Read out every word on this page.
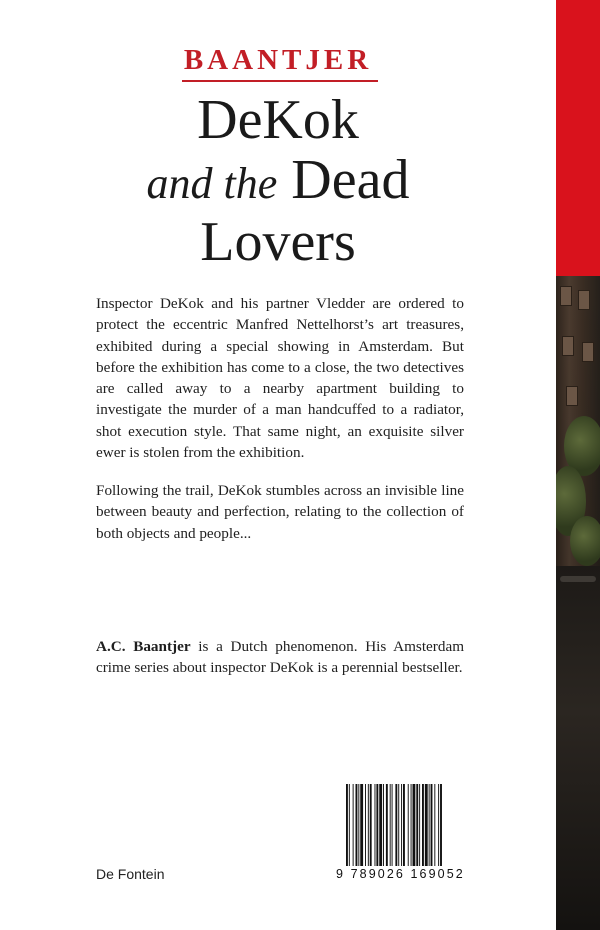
BAANTJER
DeKok
and the Dead
Lovers
Inspector DeKok and his partner Vledder are ordered to protect the eccentric Manfred Nettelhorst’s art treasures, exhibited during a special showing in Amsterdam. But before the exhibition has come to a close, the two detectives are called away to a nearby apartment building to investigate the murder of a man handcuffed to a radiator, shot execution style. That same night, an exquisite silver ewer is stolen from the exhibition.
Following the trail, DeKok stumbles across an invisible line between beauty and perfection, relating to the collection of both objects and people...
A.C. Baantjer is a Dutch phenomenon. His Amsterdam crime series about inspector DeKok is a perennial bestseller.
De Fontein	9 789026 169052
